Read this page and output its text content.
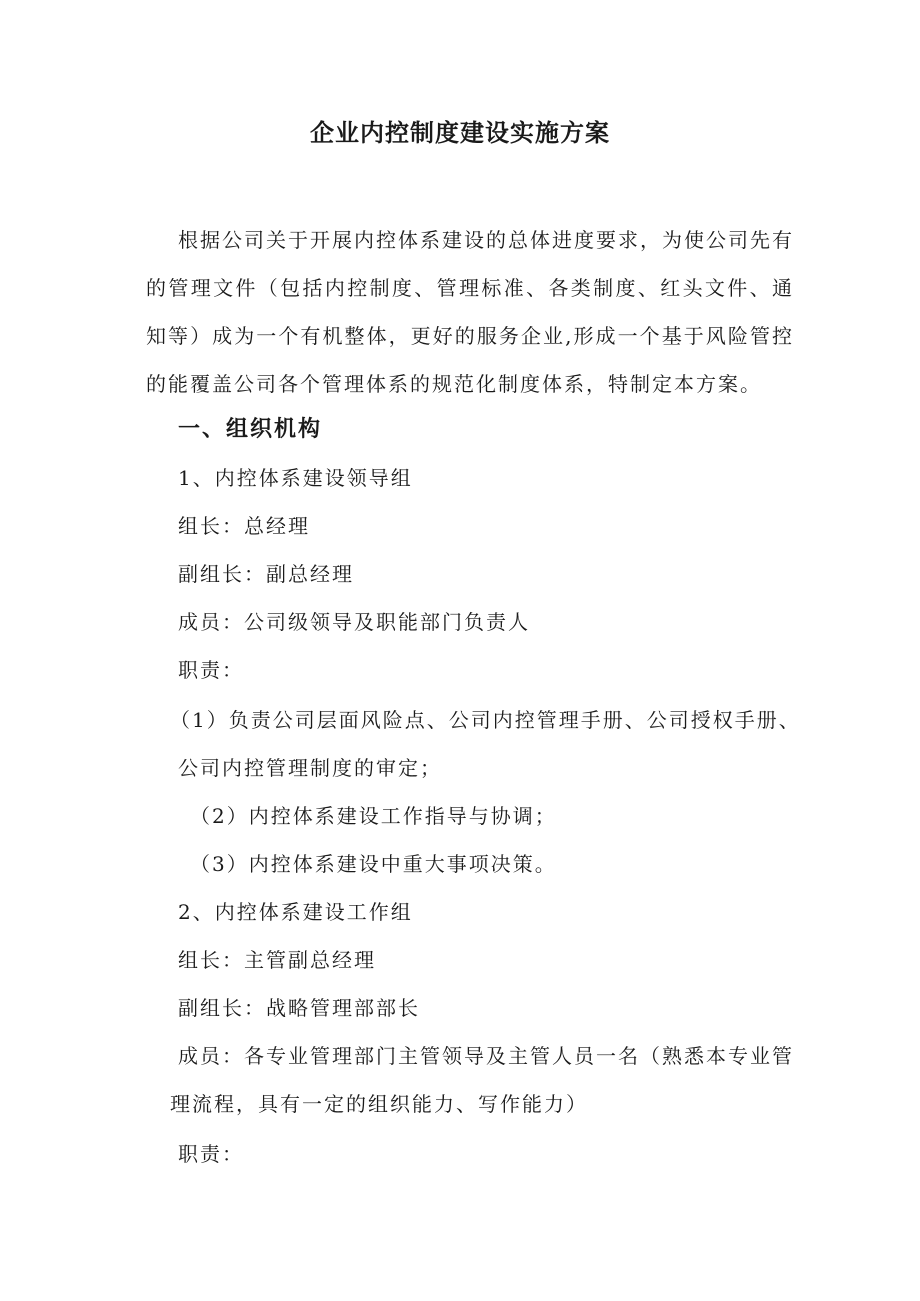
企业内控制度建设实施方案
根据公司关于开展内控体系建设的总体进度要求，为使公司先有的管理文件（包括内控制度、管理标准、各类制度、红头文件、通知等）成为一个有机整体，更好的服务企业,形成一个基于风险管控的能覆盖公司各个管理体系的规范化制度体系，特制定本方案。
一、组织机构
1、内控体系建设领导组
组长：总经理
副组长：副总经理
成员：公司级领导及职能部门负责人
职责：
（1）负责公司层面风险点、公司内控管理手册、公司授权手册、
公司内控管理制度的审定；
（2）内控体系建设工作指导与协调；
（3）内控体系建设中重大事项决策。
2、内控体系建设工作组
组长：主管副总经理
副组长：战略管理部部长
成员：各专业管理部门主管领导及主管人员一名（熟悉本专业管
理流程，具有一定的组织能力、写作能力）
职责：
